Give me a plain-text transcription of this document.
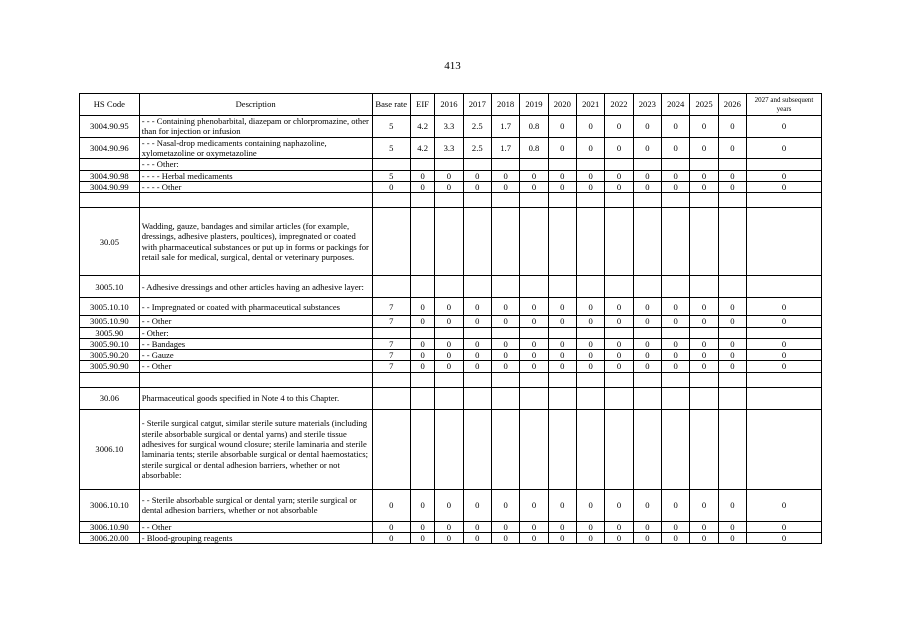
413
HS Code	Description	Base rate	EIF	2016	2017	2018	2019	2020	2021	2022	2023	2024	2025	2026	2027 and subsequent years
3004.90.95	- - - Containing phenobarbital, diazepam or chlorpromazine, other than for injection or infusion	5	4.2	3.3	2.5	1.7	0.8	0	0	0	0	0	0	0	0
3004.90.96	- - - Nasal-drop medicaments containing naphazoline, xylometazoline or oxymetazoline	5	4.2	3.3	2.5	1.7	0.8	0	0	0	0	0	0	0	0
	- - - Other:														
3004.90.98	- - - - Herbal medicaments	5	0	0	0	0	0	0	0	0	0	0	0	0	0
3004.90.99	- - - - Other	0	0	0	0	0	0	0	0	0	0	0	0	0	0

30.05	Wadding, gauze, bandages and similar articles (for example, dressings, adhesive plasters, poultices), impregnated or coated with pharmaceutical substances or put up in forms or packings for retail sale for medical, surgical, dental or veterinary purposes.														
3005.10	- Adhesive dressings and other articles having an adhesive layer:														
3005.10.10	- - Impregnated or coated with pharmaceutical substances	7	0	0	0	0	0	0	0	0	0	0	0	0	0
3005.10.90	- - Other	7	0	0	0	0	0	0	0	0	0	0	0	0	0
3005.90	- Other:														
3005.90.10	- - Bandages	7	0	0	0	0	0	0	0	0	0	0	0	0	0
3005.90.20	- - Gauze	7	0	0	0	0	0	0	0	0	0	0	0	0	0
3005.90.90	- - Other	7	0	0	0	0	0	0	0	0	0	0	0	0	0

30.06	Pharmaceutical goods specified in Note 4 to this Chapter.														
3006.10	- Sterile surgical catgut, similar sterile suture materials (including sterile absorbable surgical or dental yarns) and sterile tissue adhesives for surgical wound closure; sterile laminaria and sterile laminaria tents; sterile absorbable surgical or dental haemostatics; sterile surgical or dental adhesion barriers, whether or not absorbable:														
3006.10.10	- - Sterile absorbable surgical or dental yarn; sterile surgical or dental adhesion barriers, whether or not absorbable	0	0	0	0	0	0	0	0	0	0	0	0	0	0
3006.10.90	- - Other	0	0	0	0	0	0	0	0	0	0	0	0	0	0
3006.20.00	- Blood-grouping reagents	0	0	0	0	0	0	0	0	0	0	0	0	0	0
